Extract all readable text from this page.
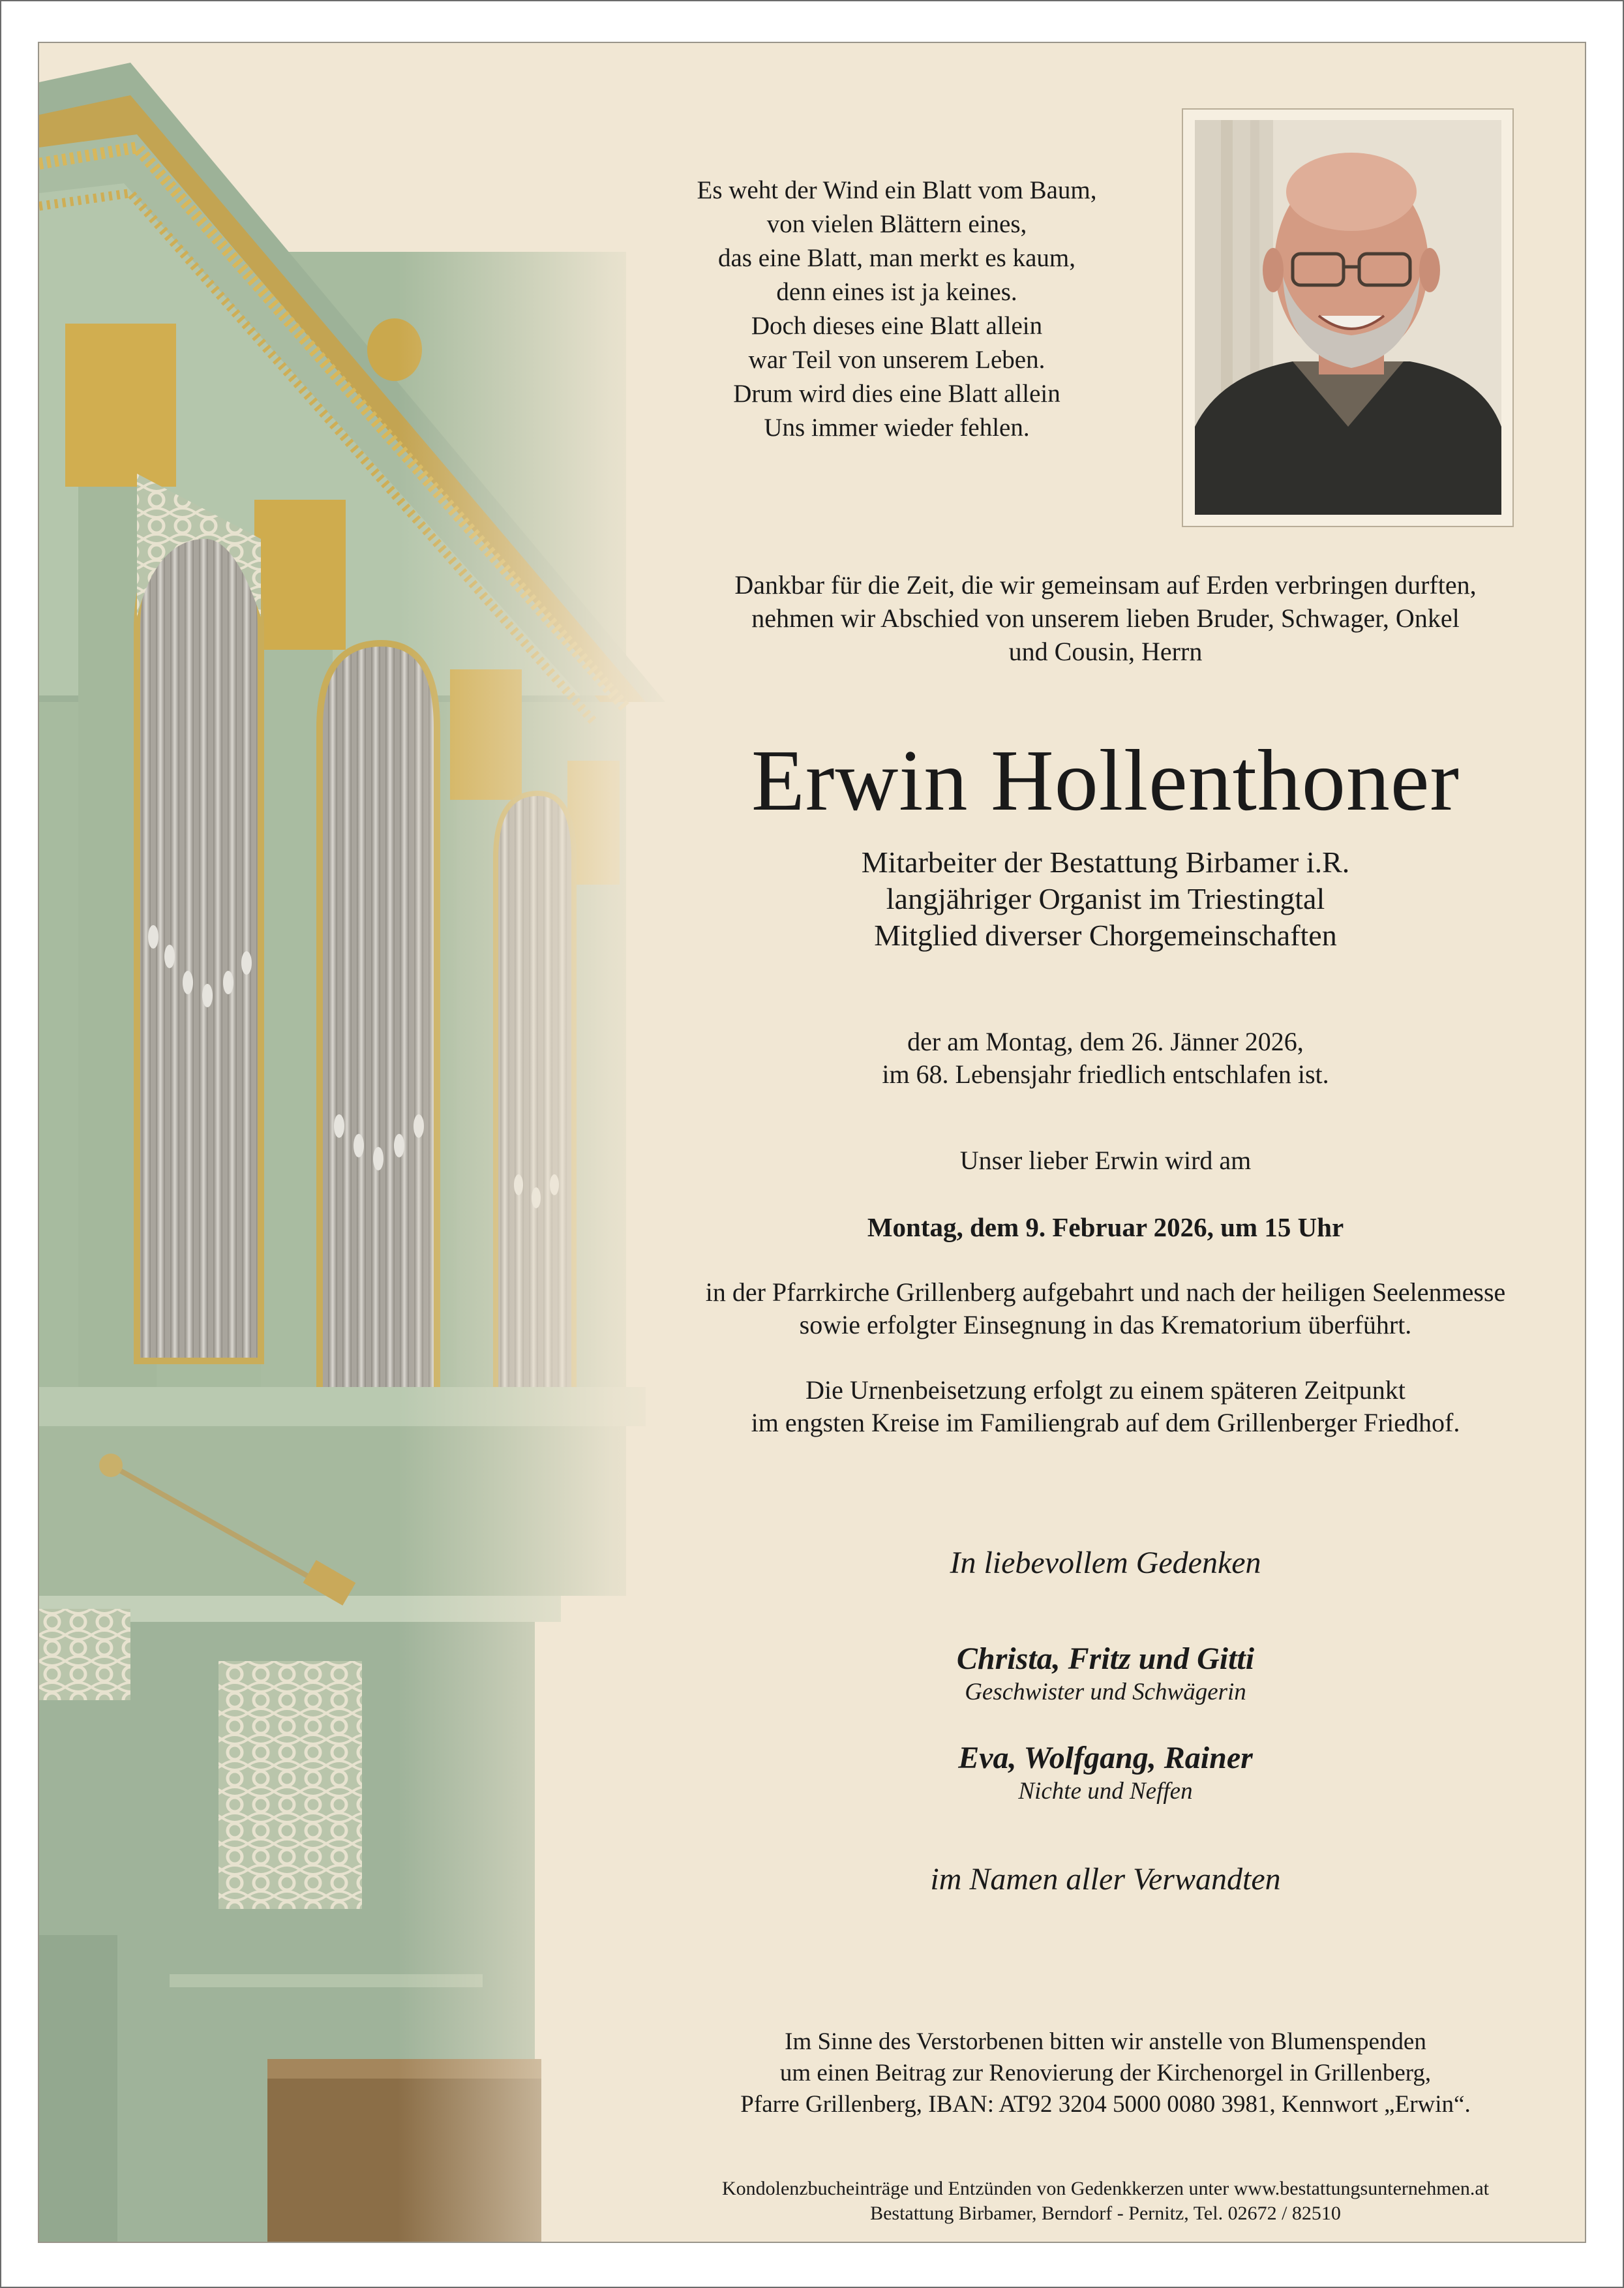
Es weht der Wind ein Blatt vom Baum,
von vielen Blättern eines,
das eine Blatt, man merkt es kaum,
denn eines ist ja keines.
Doch dieses eine Blatt allein
war Teil von unserem Leben.
Drum wird dies eine Blatt allein
Uns immer wieder fehlen.
Dankbar für die Zeit, die wir gemeinsam auf Erden verbringen durften,
nehmen wir Abschied von unserem lieben Bruder, Schwager, Onkel
und Cousin, Herrn
Erwin Hollenthoner
Mitarbeiter der Bestattung Birbamer i.R.
langjähriger Organist im Triestingtal
Mitglied diverser Chorgemeinschaften
der am Montag, dem 26. Jänner 2026,
im 68. Lebensjahr friedlich entschlafen ist.
Unser lieber Erwin wird am
Montag, dem 9. Februar 2026, um 15 Uhr
in der Pfarrkirche Grillenberg aufgebahrt und nach der heiligen Seelenmesse
sowie erfolgter Einsegnung in das Krematorium überführt.
Die Urnenbeisetzung erfolgt zu einem späteren Zeitpunkt
im engsten Kreise im Familiengrab auf dem Grillenberger Friedhof.
In liebevollem Gedenken
Christa, Fritz und Gitti
Geschwister und Schwägerin
Eva, Wolfgang, Rainer
Nichte und Neffen
im Namen aller Verwandten
Im Sinne des Verstorbenen bitten wir anstelle von Blumenspenden
um einen Beitrag zur Renovierung der Kirchenorgel in Grillenberg,
Pfarre Grillenberg, IBAN: AT92 3204 5000 0080 3981, Kennwort „Erwin“.
Kondolenzbucheinträge und Entzünden von Gedenkkerzen unter www.bestattungsunternehmen.at
Bestattung Birbamer, Berndorf - Pernitz, Tel. 02672 / 82510
